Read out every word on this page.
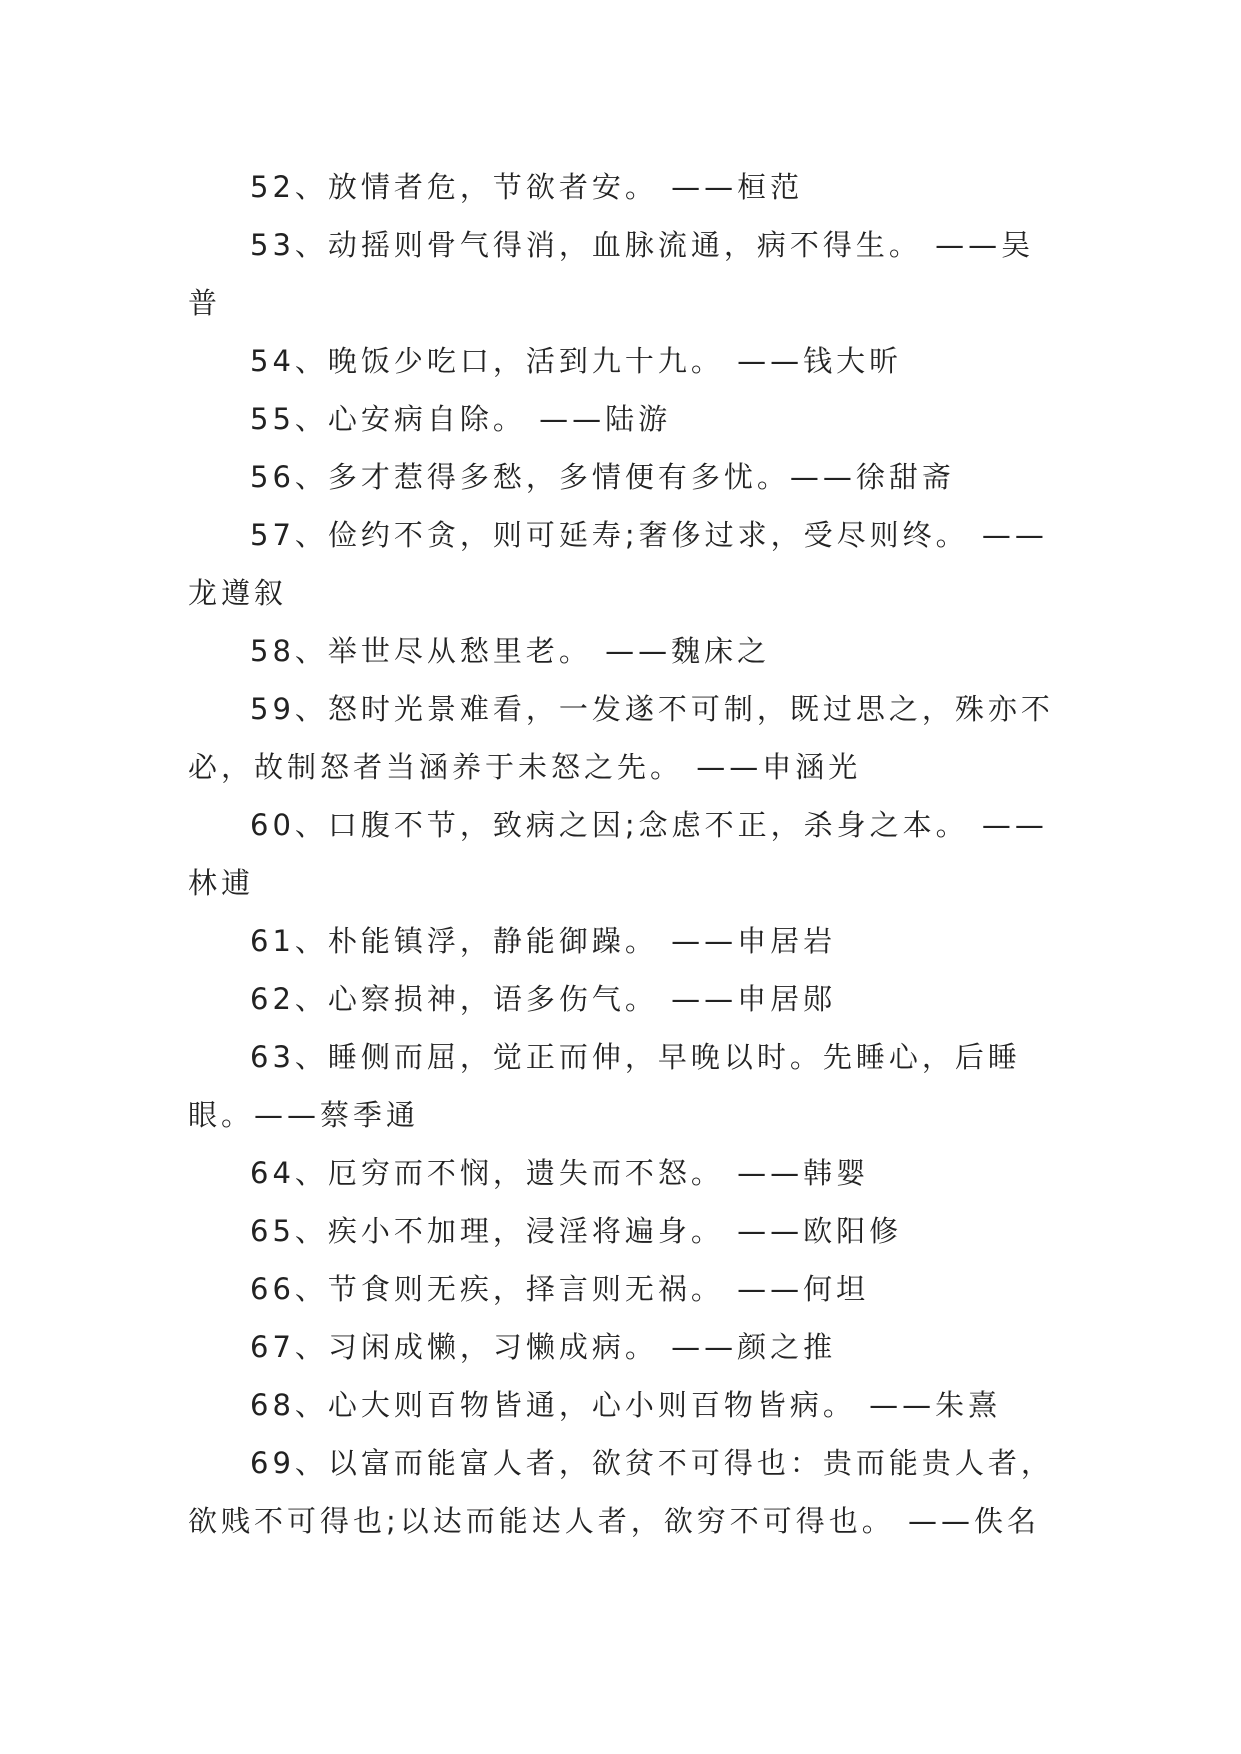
52、放情者危，节欲者安。 ——桓范

53、动摇则骨气得消，血脉流通，病不得生。 ——吴普

54、晚饭少吃口，活到九十九。 ——钱大昕

55、心安病自除。 ——陆游

56、多才惹得多愁，多情便有多忧。——徐甜斋

57、俭约不贪，则可延寿;奢侈过求，受尽则终。 ——龙遵叙

58、举世尽从愁里老。 ——魏床之

59、怒时光景难看，一发遂不可制，既过思之，殊亦不必，故制怒者当涵养于未怒之先。 ——申涵光

60、口腹不节，致病之因;念虑不正，杀身之本。 ——林逋

61、朴能镇浮，静能御躁。 ——申居岩

62、心察损神，语多伤气。 ——申居郧

63、睡侧而屈，觉正而伸，早晚以时。先睡心，后睡眼。——蔡季通

64、厄穷而不悯，遗失而不怒。 ——韩婴

65、疾小不加理，浸淫将遍身。 ——欧阳修

66、节食则无疾，择言则无祸。 ——何坦

67、习闲成懒，习懒成病。 ——颜之推

68、心大则百物皆通，心小则百物皆病。 ——朱熹

69、以富而能富人者，欲贫不可得也：贵而能贵人者，欲贱不可得也;以达而能达人者，欲穷不可得也。 ——佚名
